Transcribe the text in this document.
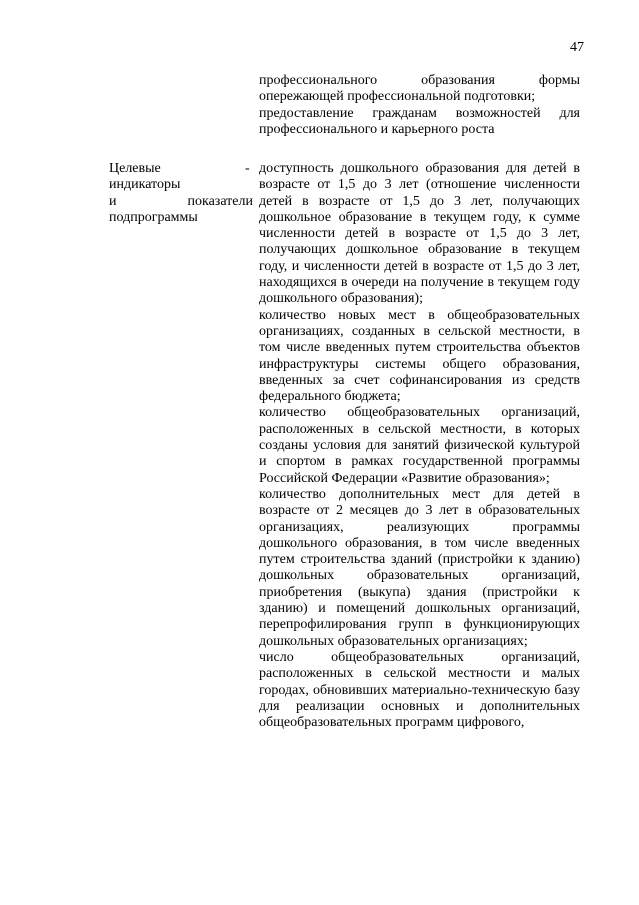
47

профессионального образования формы опережающей профессиональной подготовки;

предоставление гражданам возможностей для профессионального и карьерного роста

Целевые
индикаторы
и	показатели
подпрограммы
- доступность дошкольного образования для детей в возрасте от 1,5 до 3 лет (отношение численности детей в возрасте от 1,5 до 3 лет, получающих дошкольное образование в текущем году, к сумме численности детей в возрасте от 1,5 до 3 лет, получающих дошкольное образование в текущем году, и численности детей в возрасте от 1,5 до 3 лет, находящихся в очереди на получение в текущем году дошкольного образования);

количество новых мест в общеобразовательных организациях, созданных в сельской местности, в том числе введенных путем строительства объектов инфраструктуры системы общего образования, введенных за счет софинансирования из средств федерального бюджета;

количество общеобразовательных организаций, расположенных в сельской местности, в которых созданы условия для занятий физической культурой и спортом в рамках государственной программы Российской Федерации «Развитие образования»;

количество дополнительных мест для детей в возрасте от 2 месяцев до 3 лет в образовательных организациях, реализующих программы дошкольного образования, в том числе введенных путем строительства зданий (пристройки к зданию) дошкольных образовательных организаций, приобретения (выкупа) здания (пристройки к зданию) и помещений дошкольных организаций, перепрофилирования групп в функционирующих дошкольных образовательных организациях;

число общеобразовательных организаций, расположенных в сельской местности и малых городах, обновивших материально-техническую базу для реализации основных и дополнительных общеобразовательных программ цифрового,
